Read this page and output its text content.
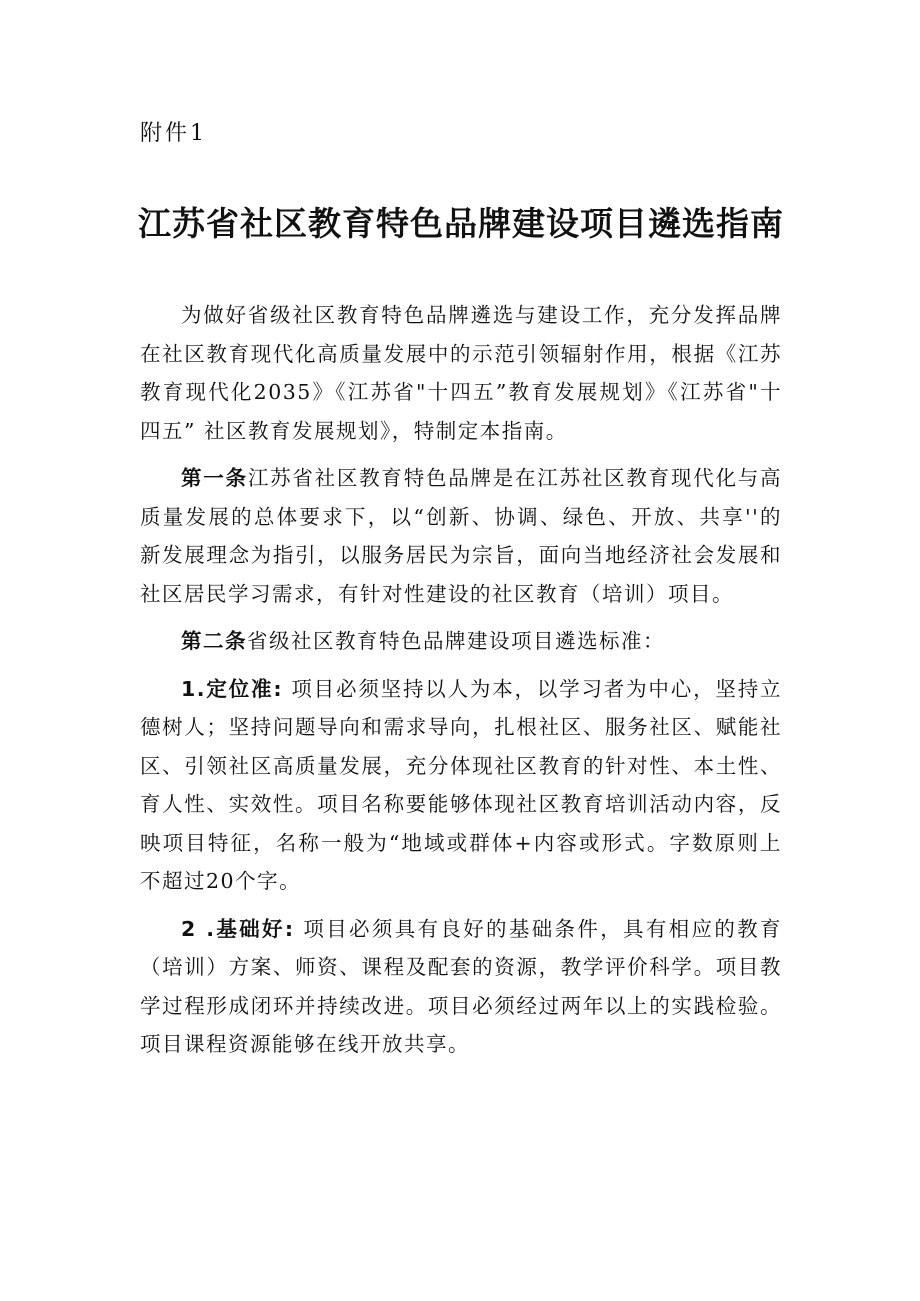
附件1
江苏省社区教育特色品牌建设项目遴选指南

为做好省级社区教育特色品牌遴选与建设工作，充分发挥品牌在社区教育现代化高质量发展中的示范引领辐射作用，根据《江苏教育现代化2035》《江苏省"十四五”教育发展规划》《江苏省"十四五” 社区教育发展规划》，特制定本指南。

第一条江苏省社区教育特色品牌是在江苏社区教育现代化与高质量发展的总体要求下，以“创新、协调、绿色、开放、共享''的新发展理念为指引，以服务居民为宗旨，面向当地经济社会发展和社区居民学习需求，有针对性建设的社区教育（培训）项目。

第二条省级社区教育特色品牌建设项目遴选标准：

1.定位准: 项目必须坚持以人为本，以学习者为中心，坚持立德树人；坚持问题导向和需求导向，扎根社区、服务社区、赋能社区、引领社区高质量发展，充分体现社区教育的针对性、本土性、育人性、实效性。项目名称要能够体现社区教育培训活动内容，反映项目特征，名称一般为“地域或群体+内容或形式。字数原则上不超过20个字。

2 .基础好: 项目必须具有良好的基础条件，具有相应的教育（培训）方案、师资、课程及配套的资源，教学评价科学。项目教学过程形成闭环并持续改进。项目必须经过两年以上的实践检验。项目课程资源能够在线开放共享。
